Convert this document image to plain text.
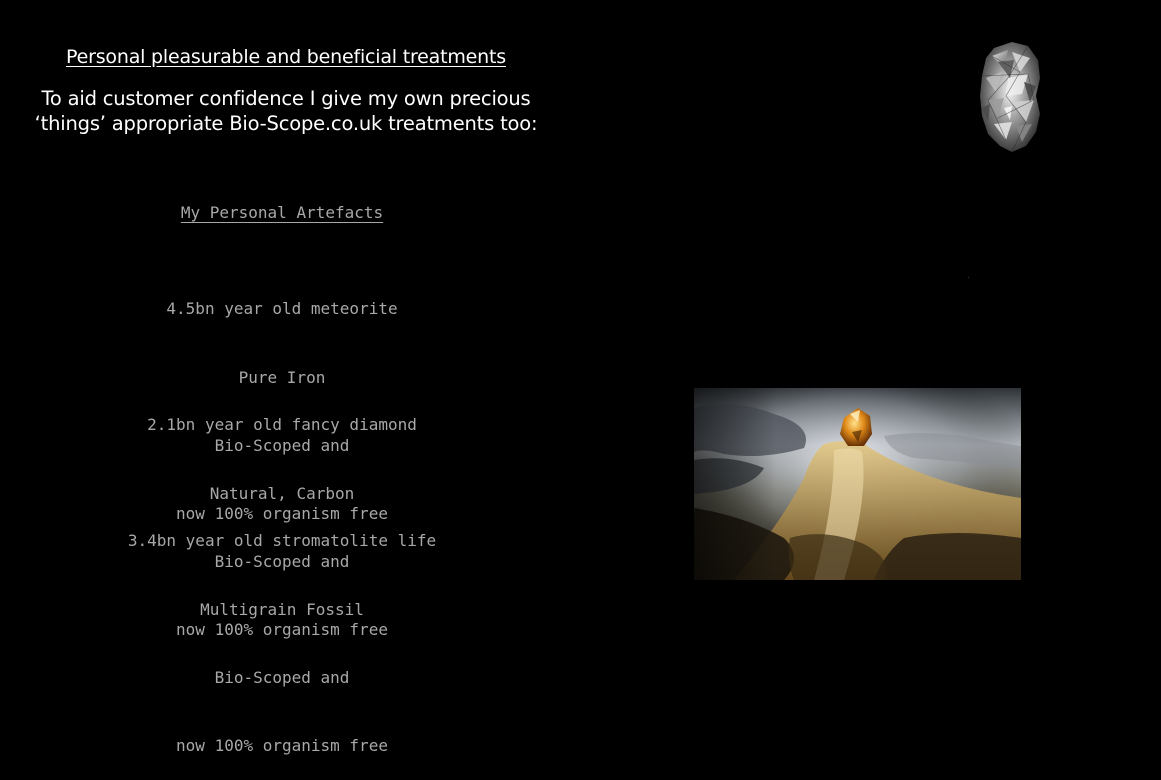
Personal pleasurable and beneficial treatments
To aid customer confidence I give my own precious
‘things’ appropriate Bio-Scope.co.uk treatments too:
My Personal Artefacts

4.5bn year old meteorite

Pure Iron

Bio-Scoped and

now 100% organism free

2.1bn year old fancy diamond

Natural, Carbon

Bio-Scoped and

now 100% organism free

3.4bn year old stromatolite life

Multigrain Fossil

Bio-Scoped and

now 100% organism free
